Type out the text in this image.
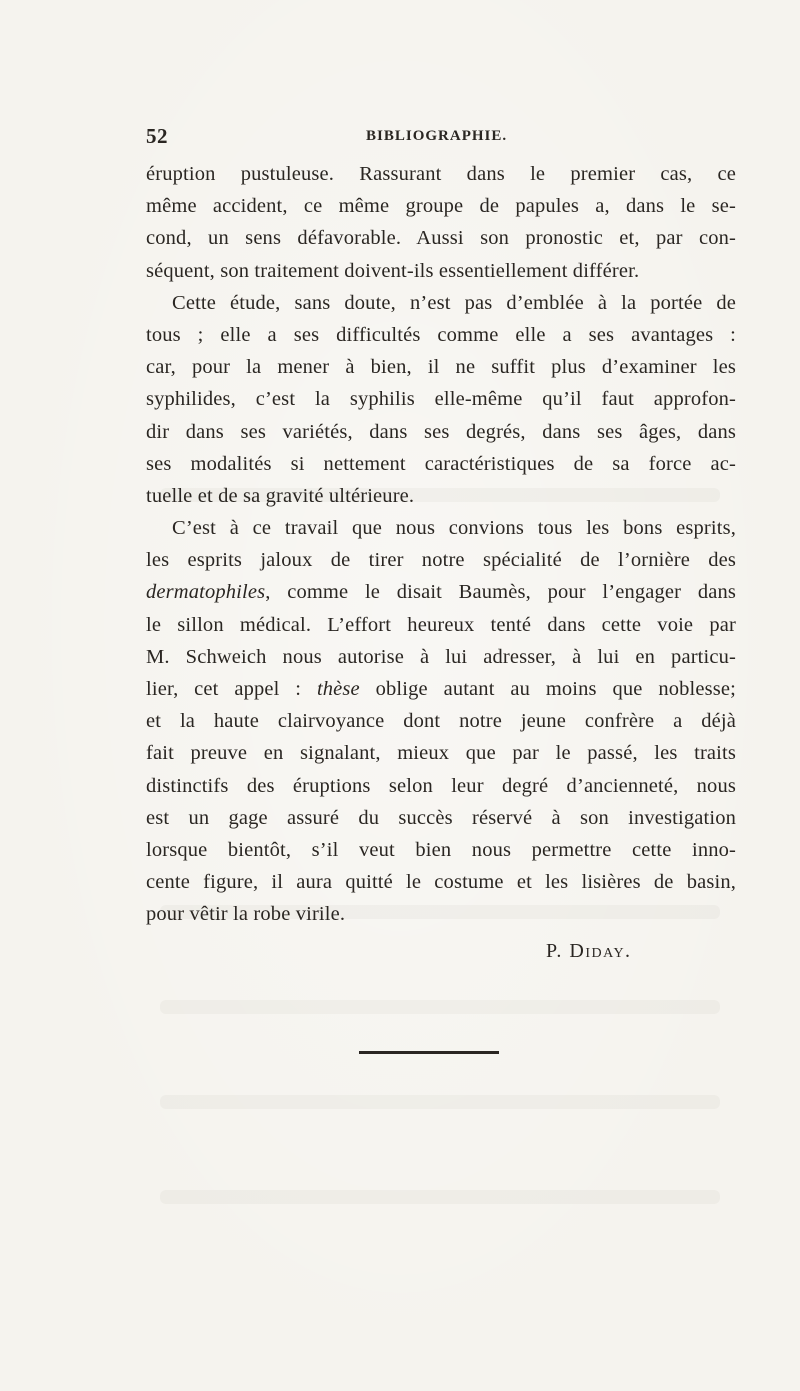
52	BIBLIOGRAPHIE.
éruption pustuleuse. Rassurant dans le premier cas, ce
même accident, ce même groupe de papules a, dans le se-
cond, un sens défavorable. Aussi son pronostic et, par con-
séquent, son traitement doivent-ils essentiellement différer.
Cette étude, sans doute, n’est pas d’emblée à la portée de
tous ; elle a ses difficultés comme elle a ses avantages :
car, pour la mener à bien, il ne suffit plus d’examiner les
syphilides, c’est la syphilis elle-même qu’il faut approfon-
dir dans ses variétés, dans ses degrés, dans ses âges, dans
ses modalités si nettement caractéristiques de sa force ac-
tuelle et de sa gravité ultérieure.
C’est à ce travail que nous convions tous les bons esprits,
les esprits jaloux de tirer notre spécialité de l’ornière des
dermatophiles, comme le disait Baumès, pour l’engager dans
le sillon médical. L’effort heureux tenté dans cette voie par
M. Schweich nous autorise à lui adresser, à lui en particu-
lier, cet appel : thèse oblige autant au moins que noblesse;
et la haute clairvoyance dont notre jeune confrère a déjà
fait preuve en signalant, mieux que par le passé, les traits
distinctifs des éruptions selon leur degré d’ancienneté, nous
est un gage assuré du succès réservé à son investigation
lorsque bientôt, s’il veut bien nous permettre cette inno-
cente figure, il aura quitté le costume et les lisières de basin,
pour vêtir la robe virile.
P. Diday.
